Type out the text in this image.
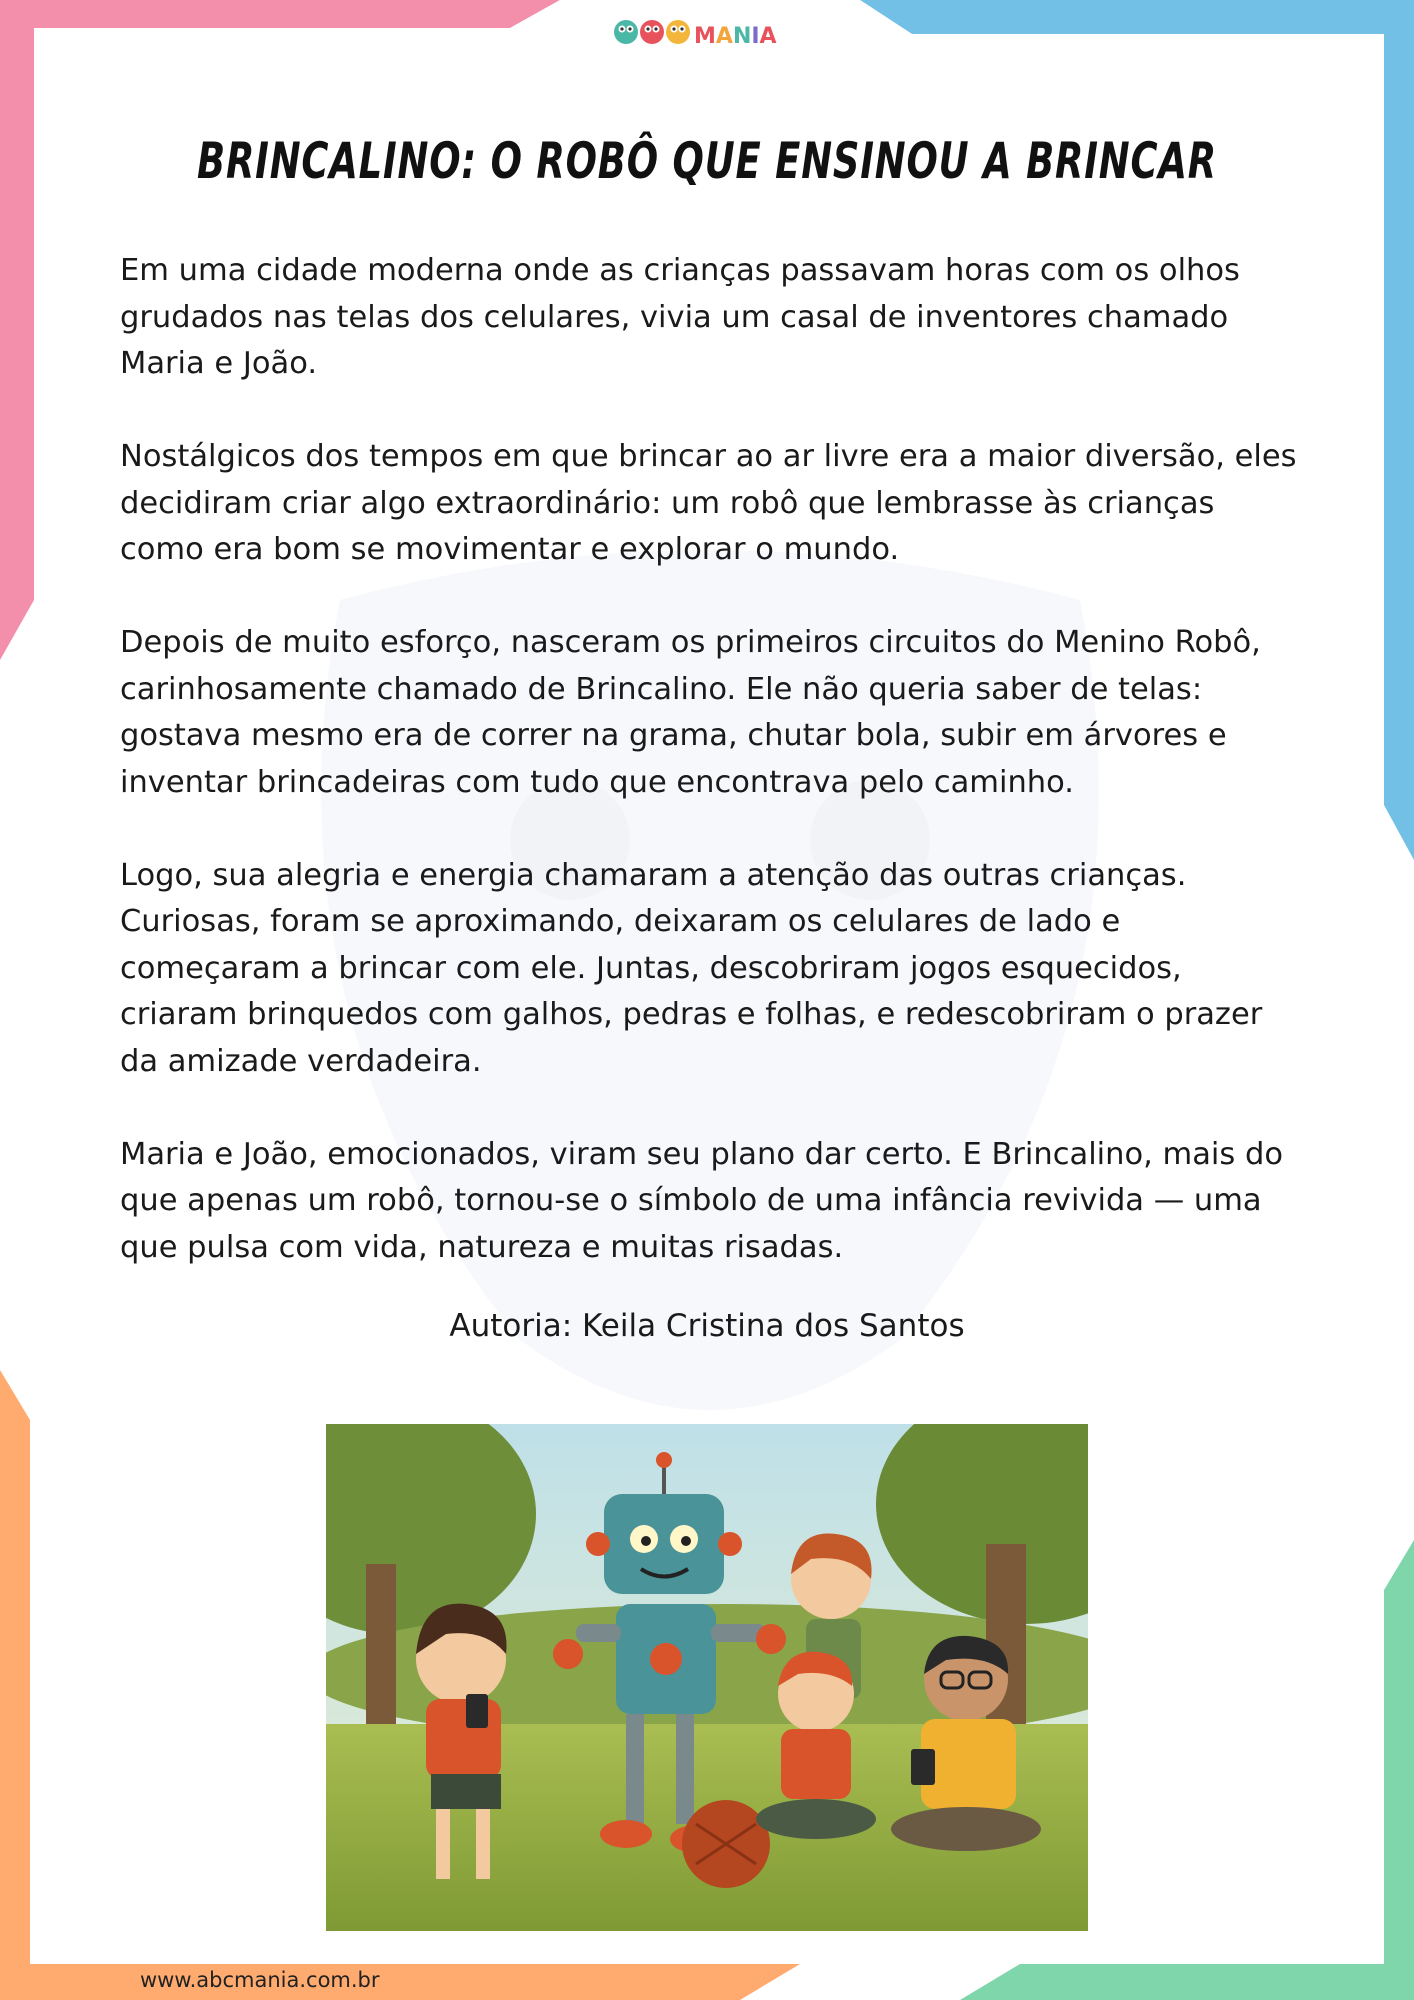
MANIA
BRINCALINO: O ROBÔ QUE ENSINOU A BRINCAR

Em uma cidade moderna onde as crianças passavam horas com os olhos grudados nas telas dos celulares, vivia um casal de inventores chamado Maria e João.

Nostálgicos dos tempos em que brincar ao ar livre era a maior diversão, eles decidiram criar algo extraordinário: um robô que lembrasse às crianças como era bom se movimentar e explorar o mundo.

Depois de muito esforço, nasceram os primeiros circuitos do Menino Robô, carinhosamente chamado de Brincalino. Ele não queria saber de telas: gostava mesmo era de correr na grama, chutar bola, subir em árvores e inventar brincadeiras com tudo que encontrava pelo caminho.

Logo, sua alegria e energia chamaram a atenção das outras crianças. Curiosas, foram se aproximando, deixaram os celulares de lado e começaram a brincar com ele. Juntas, descobriram jogos esquecidos, criaram brinquedos com galhos, pedras e folhas, e redescobriram o prazer da amizade verdadeira.

Maria e João, emocionados, viram seu plano dar certo. E Brincalino, mais do que apenas um robô, tornou-se o símbolo de uma infância revivida — uma que pulsa com vida, natureza e muitas risadas.

Autoria: Keila Cristina dos Santos
www.abcmania.com.br
